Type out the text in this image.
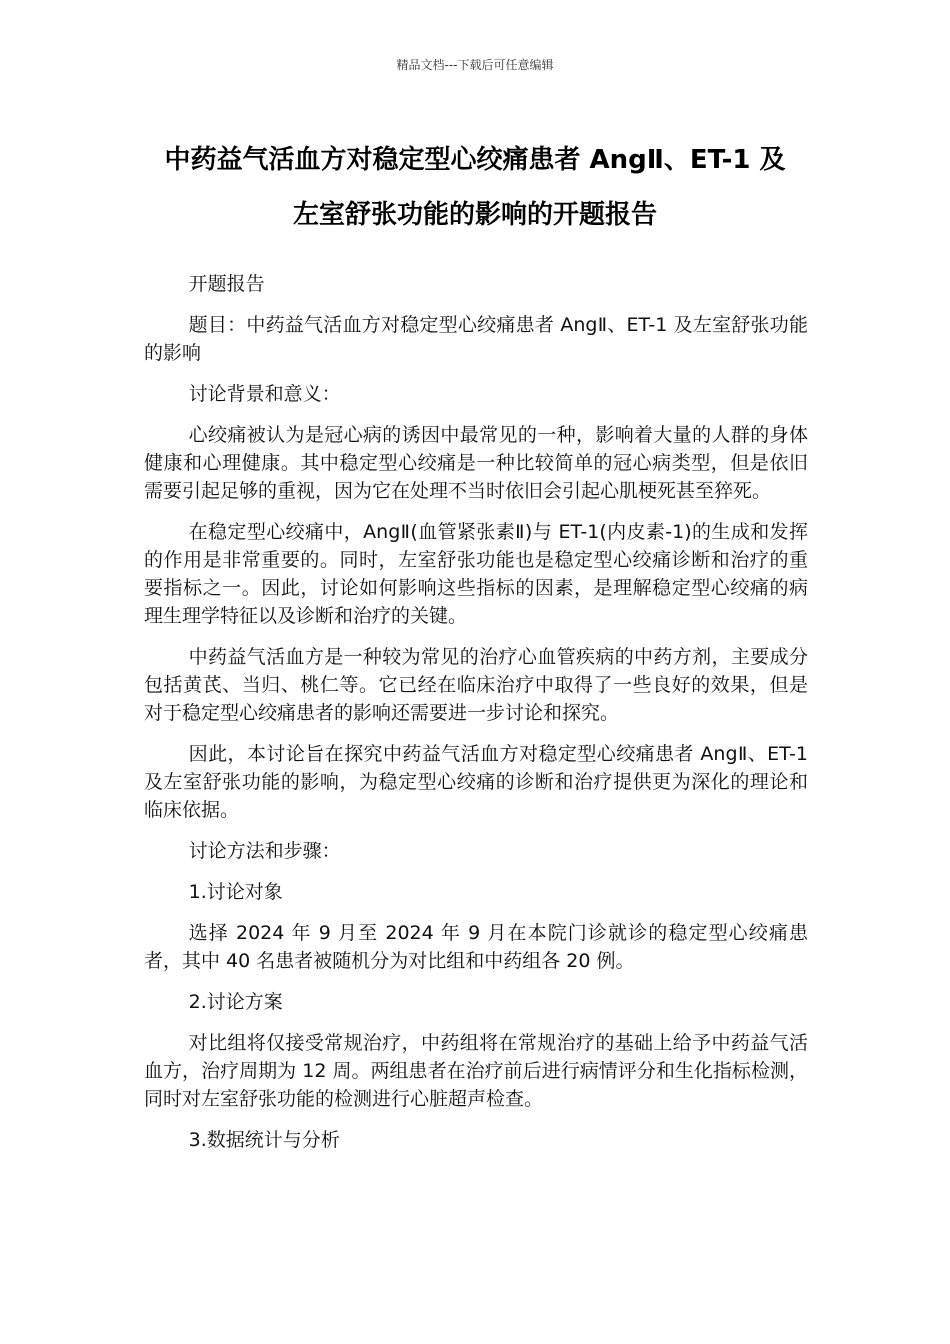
精品文档---下载后可任意编辑
中药益气活血方对稳定型心绞痛患者 AngⅡ、ET-1 及
左室舒张功能的影响的开题报告

开题报告

题目：中药益气活血方对稳定型心绞痛患者 AngⅡ、ET-1 及左室舒张功能的影响

讨论背景和意义：

心绞痛被认为是冠心病的诱因中最常见的一种，影响着大量的人群的身体健康和心理健康。其中稳定型心绞痛是一种比较简单的冠心病类型，但是依旧需要引起足够的重视，因为它在处理不当时依旧会引起心肌梗死甚至猝死。

在稳定型心绞痛中，AngⅡ(血管紧张素Ⅱ)与 ET-1(内皮素-1)的生成和发挥的作用是非常重要的。同时，左室舒张功能也是稳定型心绞痛诊断和治疗的重要指标之一。因此，讨论如何影响这些指标的因素，是理解稳定型心绞痛的病理生理学特征以及诊断和治疗的关键。

中药益气活血方是一种较为常见的治疗心血管疾病的中药方剂，主要成分包括黄芪、当归、桃仁等。它已经在临床治疗中取得了一些良好的效果，但是对于稳定型心绞痛患者的影响还需要进一步讨论和探究。

因此，本讨论旨在探究中药益气活血方对稳定型心绞痛患者 AngⅡ、ET-1 及左室舒张功能的影响，为稳定型心绞痛的诊断和治疗提供更为深化的理论和临床依据。

讨论方法和步骤：

1.讨论对象

选择 2024 年 9 月至 2024 年 9 月在本院门诊就诊的稳定型心绞痛患者，其中 40 名患者被随机分为对比组和中药组各 20 例。

2.讨论方案

对比组将仅接受常规治疗，中药组将在常规治疗的基础上给予中药益气活血方，治疗周期为 12 周。两组患者在治疗前后进行病情评分和生化指标检测，同时对左室舒张功能的检测进行心脏超声检查。

3.数据统计与分析
